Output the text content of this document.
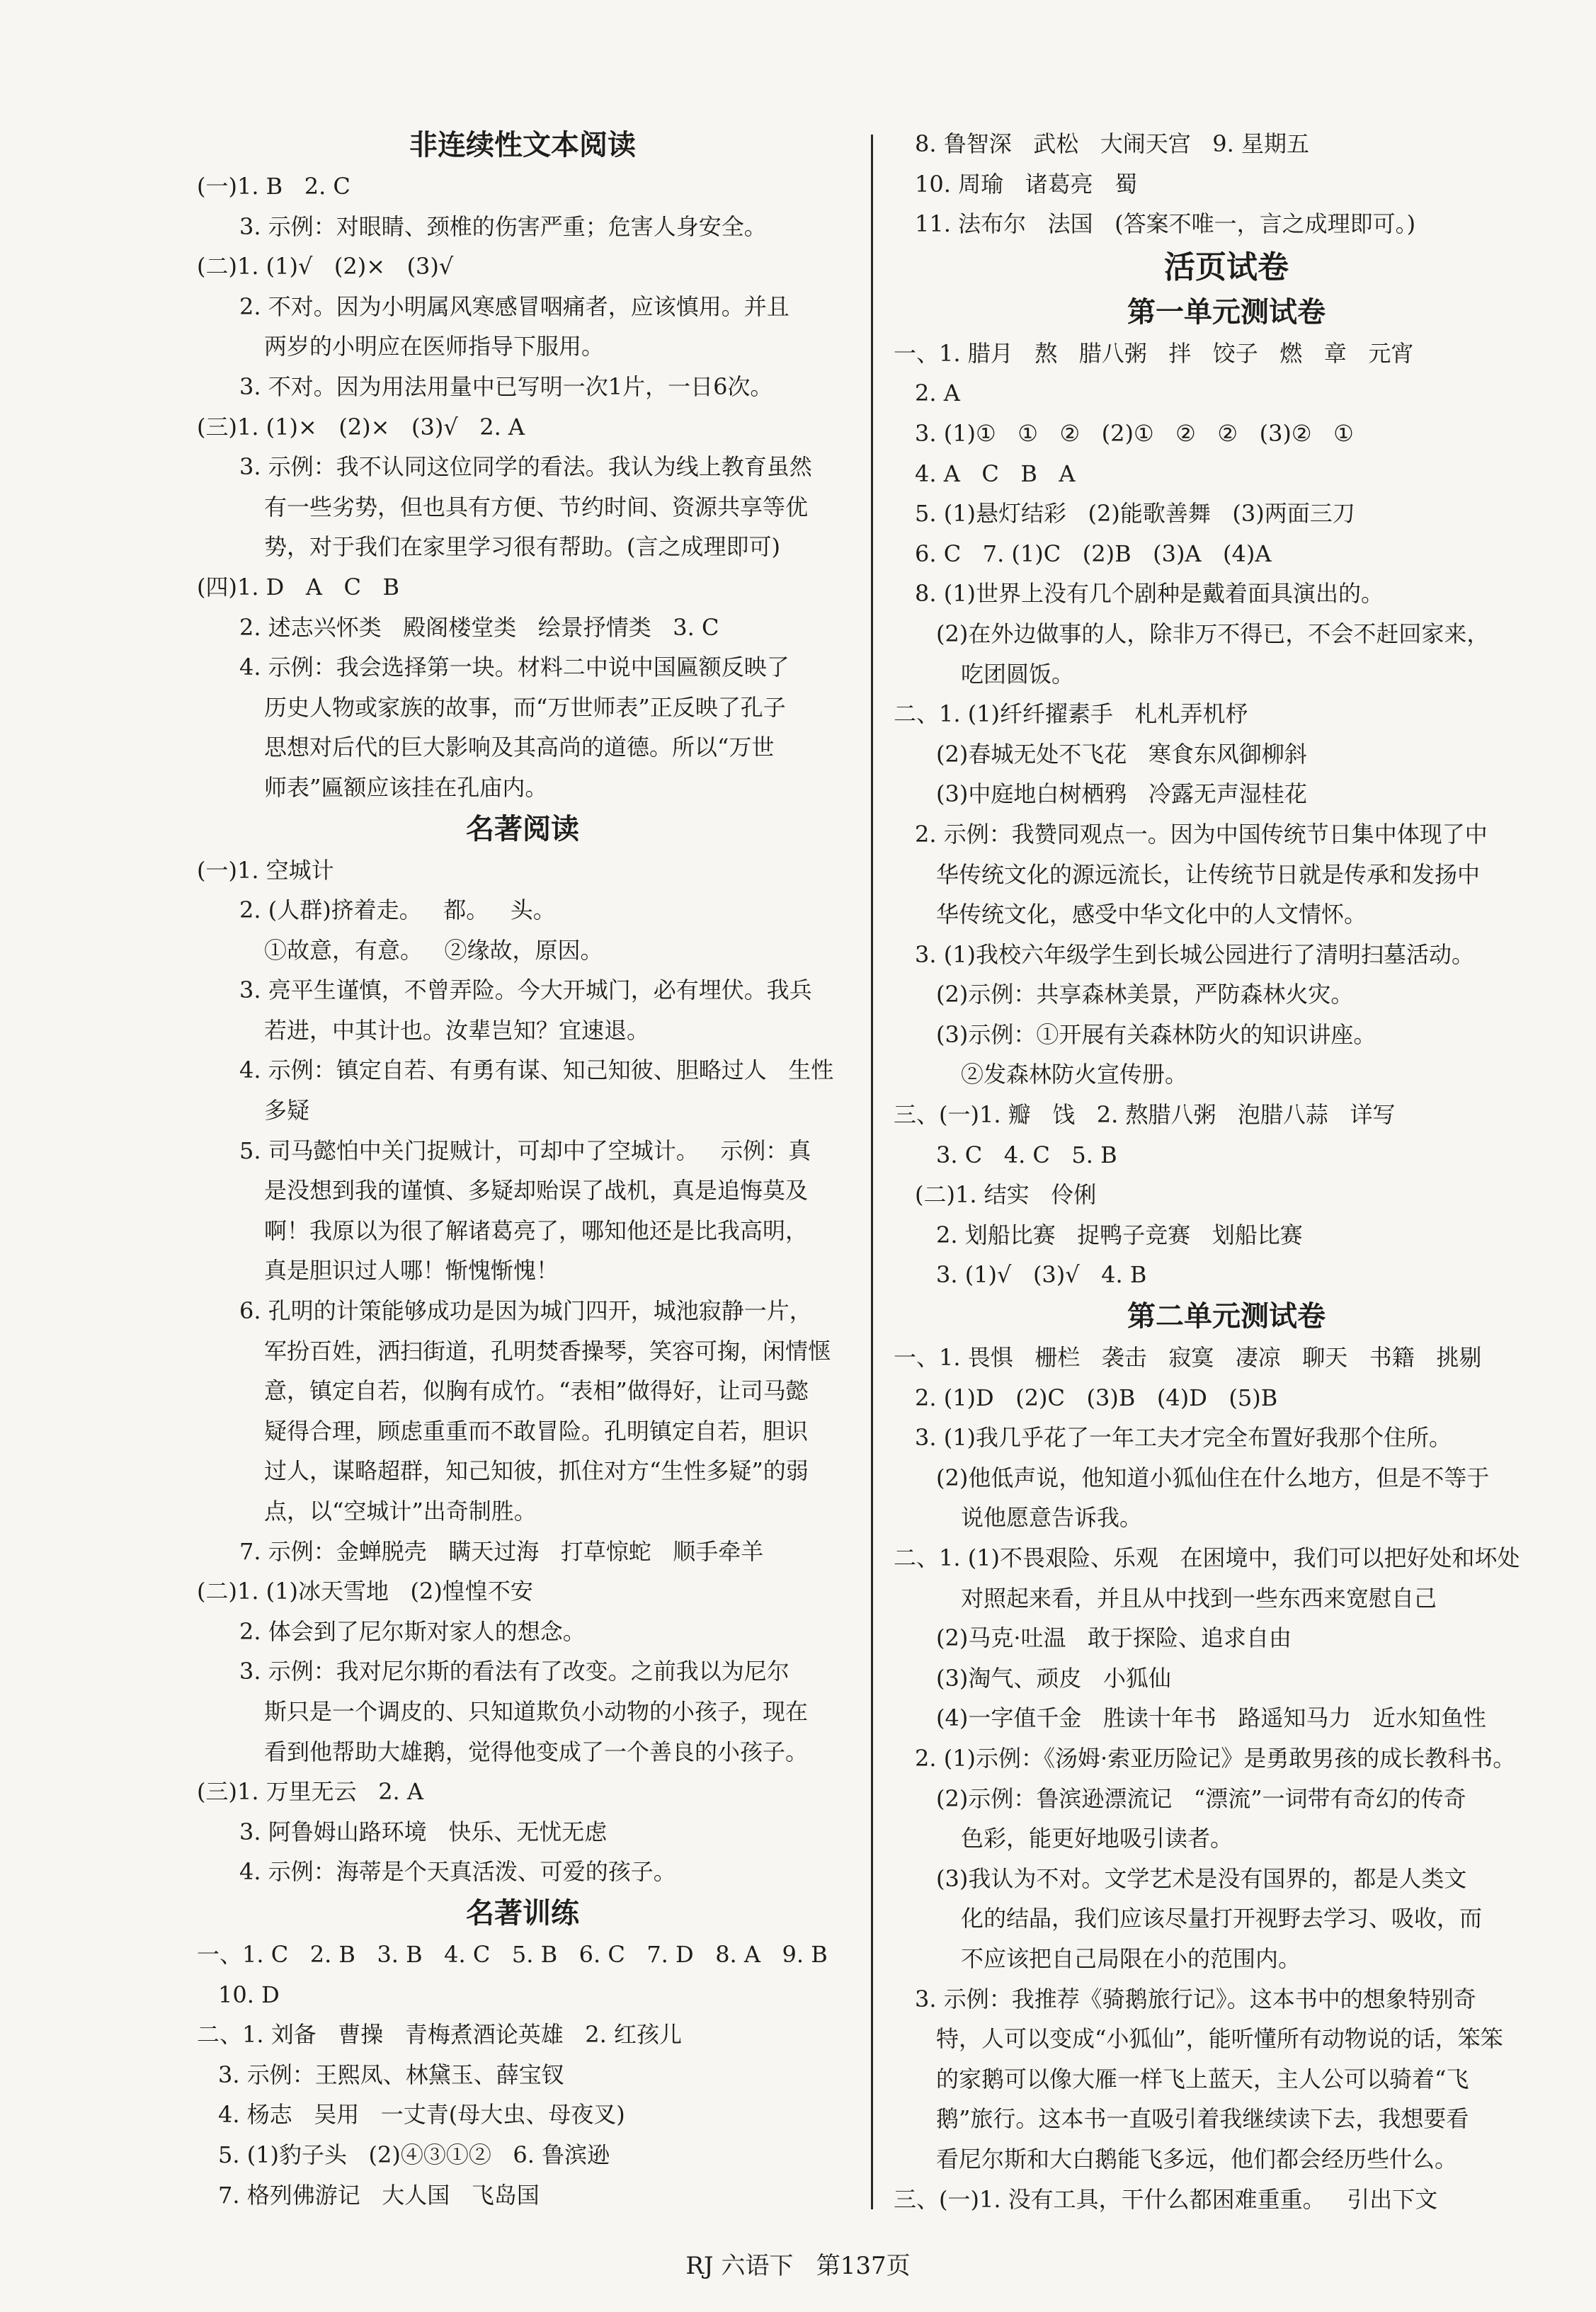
非连续性文本阅读
(一)1. B   2. C
3. 示例：对眼睛、颈椎的伤害严重；危害人身安全。
(二)1. (1)√   (2)×   (3)√
2. 不对。因为小明属风寒感冒咽痛者，应该慎用。并且
两岁的小明应在医师指导下服用。
3. 不对。因为用法用量中已写明一次1片，一日6次。
(三)1. (1)×   (2)×   (3)√   2. A
3. 示例：我不认同这位同学的看法。我认为线上教育虽然
有一些劣势，但也具有方便、节约时间、资源共享等优
势，对于我们在家里学习很有帮助。(言之成理即可)
(四)1. D   A   C   B
2. 述志兴怀类   殿阁楼堂类   绘景抒情类   3. C
4. 示例：我会选择第一块。材料二中说中国匾额反映了
历史人物或家族的故事，而“万世师表”正反映了孔子
思想对后代的巨大影响及其高尚的道德。所以“万世
师表”匾额应该挂在孔庙内。
名著阅读
(一)1. 空城计
2. (人群)挤着走。   都。   头。
①故意，有意。   ②缘故，原因。
3. 亮平生谨慎，不曾弄险。今大开城门，必有埋伏。我兵
若进，中其计也。汝辈岂知？宜速退。
4. 示例：镇定自若、有勇有谋、知己知彼、胆略过人   生性
多疑
5. 司马懿怕中关门捉贼计，可却中了空城计。   示例：真
是没想到我的谨慎、多疑却贻误了战机，真是追悔莫及
啊！我原以为很了解诸葛亮了，哪知他还是比我高明，
真是胆识过人哪！惭愧惭愧！
6. 孔明的计策能够成功是因为城门四开，城池寂静一片，
军扮百姓，洒扫街道，孔明焚香操琴，笑容可掬，闲情惬
意，镇定自若，似胸有成竹。“表相”做得好，让司马懿
疑得合理，顾虑重重而不敢冒险。孔明镇定自若，胆识
过人，谋略超群，知己知彼，抓住对方“生性多疑”的弱
点，以“空城计”出奇制胜。
7. 示例：金蝉脱壳   瞒天过海   打草惊蛇   顺手牵羊
(二)1. (1)冰天雪地   (2)惶惶不安
2. 体会到了尼尔斯对家人的想念。
3. 示例：我对尼尔斯的看法有了改变。之前我以为尼尔
斯只是一个调皮的、只知道欺负小动物的小孩子，现在
看到他帮助大雄鹅，觉得他变成了一个善良的小孩子。
(三)1. 万里无云   2. A
3. 阿鲁姆山路环境   快乐、无忧无虑
4. 示例：海蒂是个天真活泼、可爱的孩子。
名著训练
一、1. C   2. B   3. B   4. C   5. B   6. C   7. D   8. A   9. B
10. D
二、1. 刘备   曹操   青梅煮酒论英雄   2. 红孩儿
3. 示例：王熙凤、林黛玉、薛宝钗
4. 杨志   吴用   一丈青(母大虫、母夜叉)
5. (1)豹子头   (2)④③①②   6. 鲁滨逊
7. 格列佛游记   大人国   飞岛国
8. 鲁智深   武松   大闹天宫   9. 星期五
10. 周瑜   诸葛亮   蜀
11. 法布尔   法国   (答案不唯一，言之成理即可。)
活页试卷
第一单元测试卷
一、1. 腊月   熬   腊八粥   拌   饺子   燃   章   元宵
2. A
3. (1)①   ①   ②   (2)①   ②   ②   (3)②   ①
4. A   C   B   A
5. (1)悬灯结彩   (2)能歌善舞   (3)两面三刀
6. C   7. (1)C   (2)B   (3)A   (4)A
8. (1)世界上没有几个剧种是戴着面具演出的。
(2)在外边做事的人，除非万不得已，不会不赶回家来，
吃团圆饭。
二、1. (1)纤纤擢素手   札札弄机杼
(2)春城无处不飞花   寒食东风御柳斜
(3)中庭地白树栖鸦   冷露无声湿桂花
2. 示例：我赞同观点一。因为中国传统节日集中体现了中
华传统文化的源远流长，让传统节日就是传承和发扬中
华传统文化，感受中华文化中的人文情怀。
3. (1)我校六年级学生到长城公园进行了清明扫墓活动。
(2)示例：共享森林美景，严防森林火灾。
(3)示例：①开展有关森林防火的知识讲座。
②发森林防火宣传册。
三、(一)1. 瓣   饯   2. 熬腊八粥   泡腊八蒜   详写
3. C   4. C   5. B
(二)1. 结实   伶俐
2. 划船比赛   捉鸭子竞赛   划船比赛
3. (1)√   (3)√   4. B
第二单元测试卷
一、1. 畏惧   栅栏   袭击   寂寞   凄凉   聊天   书籍   挑剔
2. (1)D   (2)C   (3)B   (4)D   (5)B
3. (1)我几乎花了一年工夫才完全布置好我那个住所。
(2)他低声说，他知道小狐仙住在什么地方，但是不等于
说他愿意告诉我。
二、1. (1)不畏艰险、乐观   在困境中，我们可以把好处和坏处
对照起来看，并且从中找到一些东西来宽慰自己
(2)马克·吐温   敢于探险、追求自由
(3)淘气、顽皮   小狐仙
(4)一字值千金   胜读十年书   路遥知马力   近水知鱼性
2. (1)示例：《汤姆·索亚历险记》是勇敢男孩的成长教科书。
(2)示例：鲁滨逊漂流记   “漂流”一词带有奇幻的传奇
色彩，能更好地吸引读者。
(3)我认为不对。文学艺术是没有国界的，都是人类文
化的结晶，我们应该尽量打开视野去学习、吸收，而
不应该把自己局限在小的范围内。
3. 示例：我推荐《骑鹅旅行记》。这本书中的想象特别奇
特，人可以变成“小狐仙”，能听懂所有动物说的话，笨笨
的家鹅可以像大雁一样飞上蓝天，主人公可以骑着“飞
鹅”旅行。这本书一直吸引着我继续读下去，我想要看
看尼尔斯和大白鹅能飞多远，他们都会经历些什么。
三、(一)1. 没有工具，干什么都困难重重。   引出下文
RJ 六语下   第137页
